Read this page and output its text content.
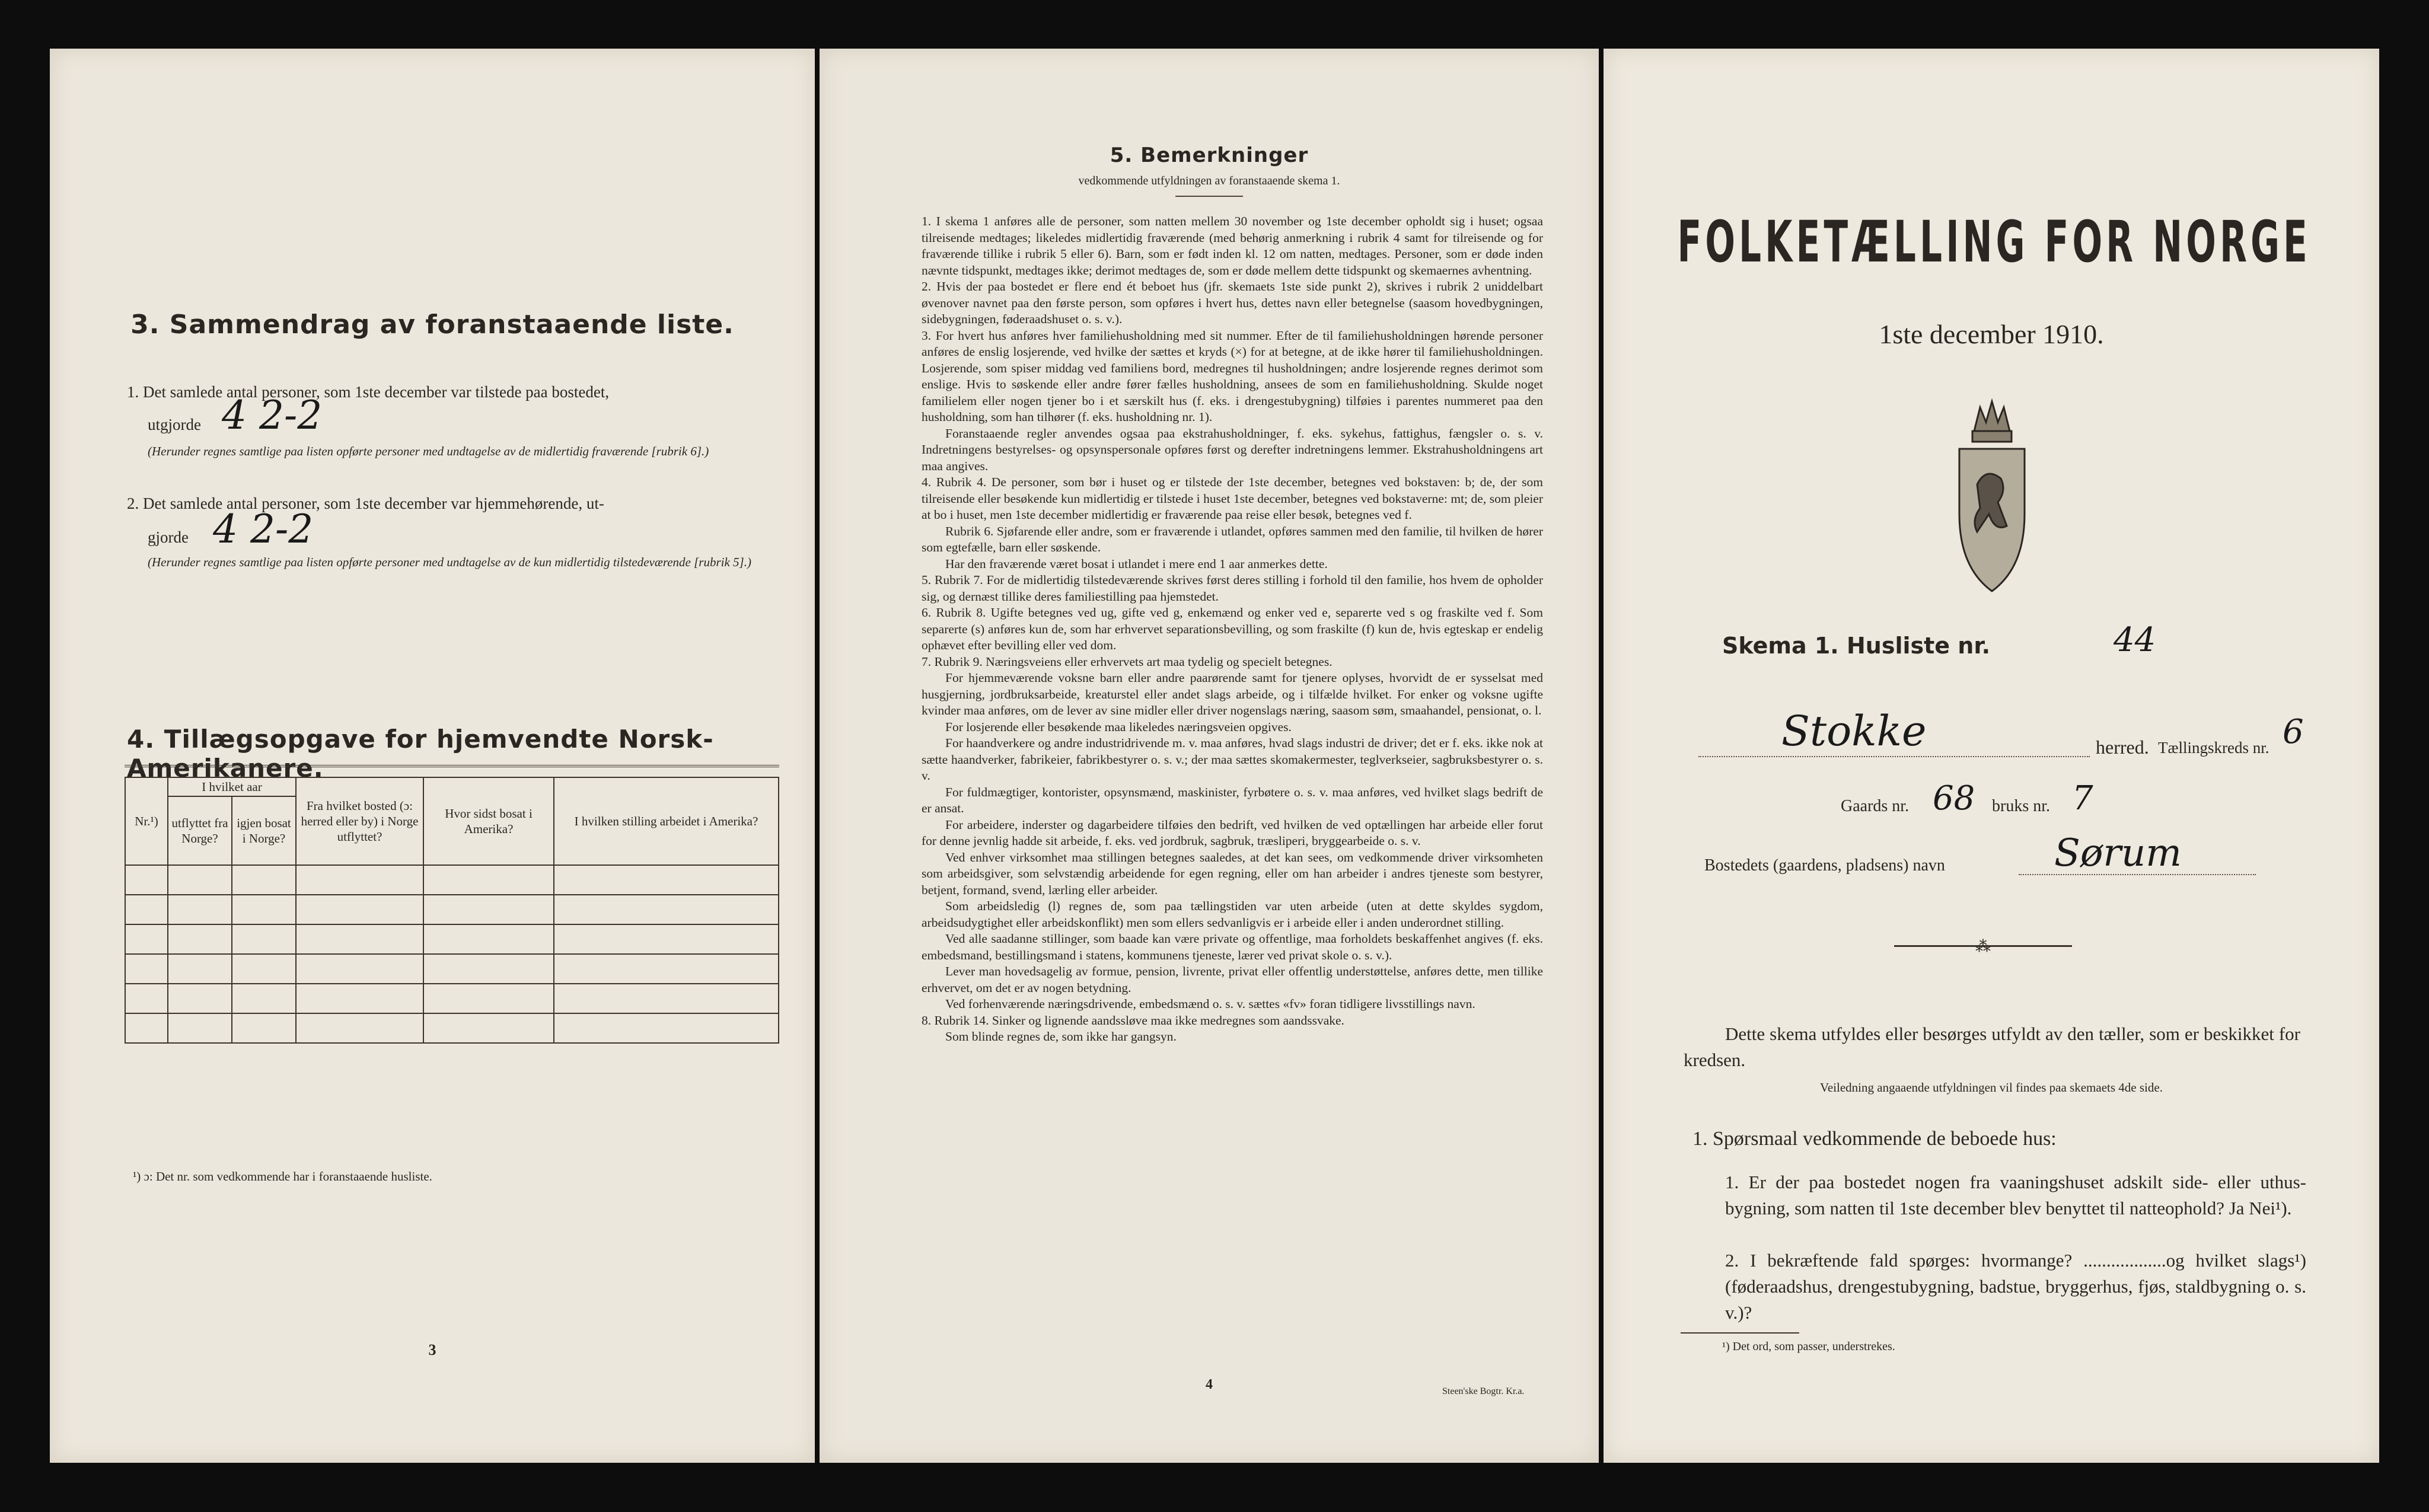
3. Sammendrag av foranstaaende liste.
1. Det samlede antal personer, som 1ste december var tilstede paa bostedet,
utgjorde 4 2-2
(Herunder regnes samtlige paa listen opførte personer med undtagelse av de midlertidig fraværende [rubrik 6].)
2. Det samlede antal personer, som 1ste december var hjemmehørende, ut-
gjorde 4 2-2
(Herunder regnes samtlige paa listen opførte personer med undtagelse av de kun midlertidig tilstedeværende [rubrik 5].)
4. Tillægsopgave for hjemvendte Norsk-Amerikanere.
Nr.¹)	I hvilket aar		Fra hvilket bosted (ɔ: herred eller by) i Norge utflyttet?	Hvor sidst bosat i Amerika?	I hvilken stilling arbeidet i Amerika?
	utflyttet fra Norge?	igjen bosat i Norge?			

¹) ɔ: Det nr. som vedkommende har i foranstaaende husliste.
3
5. Bemerkninger
vedkommende utfyldningen av foranstaaende skema 1.

1. I skema 1 anføres alle de personer, som natten mellem 30 november og 1ste december opholdt sig i huset; ogsaa tilreisende medtages; likeledes midlertidig fraværende (med behørig anmerkning i rubrik 4 samt for tilreisende og for fraværende tillike i rubrik 5 eller 6). Barn, som er født inden kl. 12 om natten, medtages. Personer, som er døde inden nævnte tidspunkt, medtages ikke; derimot medtages de, som er døde mellem dette tidspunkt og skemaernes avhentning.

2. Hvis der paa bostedet er flere end ét beboet hus (jfr. skemaets 1ste side punkt 2), skrives i rubrik 2 uniddelbart øvenover navnet paa den første person, som opføres i hvert hus, dettes navn eller betegnelse (saasom hovedbygningen, sidebygningen, føderaadshuset o. s. v.).

3. For hvert hus anføres hver familiehusholdning med sit nummer. Efter de til familiehusholdningen hørende personer anføres de enslig losjerende, ved hvilke der sættes et kryds (×) for at betegne, at de ikke hører til familiehusholdningen. Losjerende, som spiser middag ved familiens bord, medregnes til husholdningen; andre losjerende regnes derimot som enslige. Hvis to søskende eller andre fører fælles husholdning, ansees de som en familiehusholdning. Skulde noget familielem eller nogen tjener bo i et særskilt hus (f. eks. i drengestubygning) tilføies i parentes nummeret paa den husholdning, som han tilhører (f. eks. husholdning nr. 1).

Foranstaaende regler anvendes ogsaa paa ekstrahusholdninger, f. eks. sykehus, fattighus, fængsler o. s. v. Indretningens bestyrelses- og opsynspersonale opføres først og derefter indretningens lemmer. Ekstrahusholdningens art maa angives.

4. Rubrik 4. De personer, som bør i huset og er tilstede der 1ste december, betegnes ved bokstaven: b; de, der som tilreisende eller besøkende kun midlertidig er tilstede i huset 1ste december, betegnes ved bokstaverne: mt; de, som pleier at bo i huset, men 1ste december midlertidig er fraværende paa reise eller besøk, betegnes ved f.

Rubrik 6. Sjøfarende eller andre, som er fraværende i utlandet, opføres sammen med den familie, til hvilken de hører som egtefælle, barn eller søskende.

Har den fraværende været bosat i utlandet i mere end 1 aar anmerkes dette.

5. Rubrik 7. For de midlertidig tilstedeværende skrives først deres stilling i forhold til den familie, hos hvem de opholder sig, og dernæst tillike deres familiestilling paa hjemstedet.

6. Rubrik 8. Ugifte betegnes ved ug, gifte ved g, enkemænd og enker ved e, separerte ved s og fraskilte ved f. Som separerte (s) anføres kun de, som har erhvervet separationsbevilling, og som fraskilte (f) kun de, hvis egteskap er endelig ophævet efter bevilling eller ved dom.

7. Rubrik 9. Næringsveiens eller erhvervets art maa tydelig og specielt betegnes.

For hjemmeværende voksne barn eller andre paarørende samt for tjenere oplyses, hvorvidt de er sysselsat med husgjerning, jordbruksarbeide, kreaturstel eller andet slags arbeide, og i tilfælde hvilket. For enker og voksne ugifte kvinder maa anføres, om de lever av sine midler eller driver nogenslags næring, saasom søm, smaahandel, pensionat, o. l.

For losjerende eller besøkende maa likeledes næringsveien opgives.

For haandverkere og andre industridrivende m. v. maa anføres, hvad slags industri de driver; det er f. eks. ikke nok at sætte haandverker, fabrikeier, fabrikbestyrer o. s. v.; der maa sættes skomakermester, teglverkseier, sagbruksbestyrer o. s. v.

For fuldmægtiger, kontorister, opsynsmænd, maskinister, fyrbøtere o. s. v. maa anføres, ved hvilket slags bedrift de er ansat.

For arbeidere, inderster og dagarbeidere tilføies den bedrift, ved hvilken de ved optællingen har arbeide eller forut for denne jevnlig hadde sit arbeide, f. eks. ved jordbruk, sagbruk, træsliperi, bryggearbeide o. s. v.

Ved enhver virksomhet maa stillingen betegnes saaledes, at det kan sees, om vedkommende driver virksomheten som arbeidsgiver, som selvstændig arbeidende for egen regning, eller om han arbeider i andres tjeneste som bestyrer, betjent, formand, svend, lærling eller arbeider.

Som arbeidsledig (l) regnes de, som paa tællingstiden var uten arbeide (uten at dette skyldes sygdom, arbeidsudygtighet eller arbeidskonflikt) men som ellers sedvanligvis er i arbeide eller i anden underordnet stilling.

Ved alle saadanne stillinger, som baade kan være private og offentlige, maa forholdets beskaffenhet angives (f. eks. embedsmand, bestillingsmand i statens, kommunens tjeneste, lærer ved privat skole o. s. v.).

Lever man hovedsagelig av formue, pension, livrente, privat eller offentlig understøttelse, anføres dette, men tillike erhvervet, om det er av nogen betydning.

Ved forhenværende næringsdrivende, embedsmænd o. s. v. sættes «fv» foran tidligere livsstillings navn.

8. Rubrik 14. Sinker og lignende aandssløve maa ikke medregnes som aandssvake.

Som blinde regnes de, som ikke har gangsyn.

4	Steen'ske Bogtr. Kr.a.
FOLKETÆLLING FOR NORGE
1ste december 1910.
Skema 1. Husliste nr.	44
Stokke	herred. Tællingskreds nr. 6
Gaards nr. 68 bruks nr. 7
Bostedets (gaardens, pladsens) navn	Sørum
⁂
Dette skema utfyldes eller besørges utfyldt av den tæller, som er beskikket for kredsen.
Veiledning angaaende utfyldningen vil findes paa skemaets 4de side.
1. Spørsmaal vedkommende de beboede hus:
1. Er der paa bostedet nogen fra vaaningshuset adskilt side- eller uthus-bygning, som natten til 1ste december blev benyttet til natteophold? Ja Nei¹).
2. I bekræftende fald spørges: hvormange? ..................og hvilket slags¹) (føderaadshus, drengestubygning, badstue, bryggerhus, fjøs, staldbygning o. s. v.)?
¹) Det ord, som passer, understrekes.
